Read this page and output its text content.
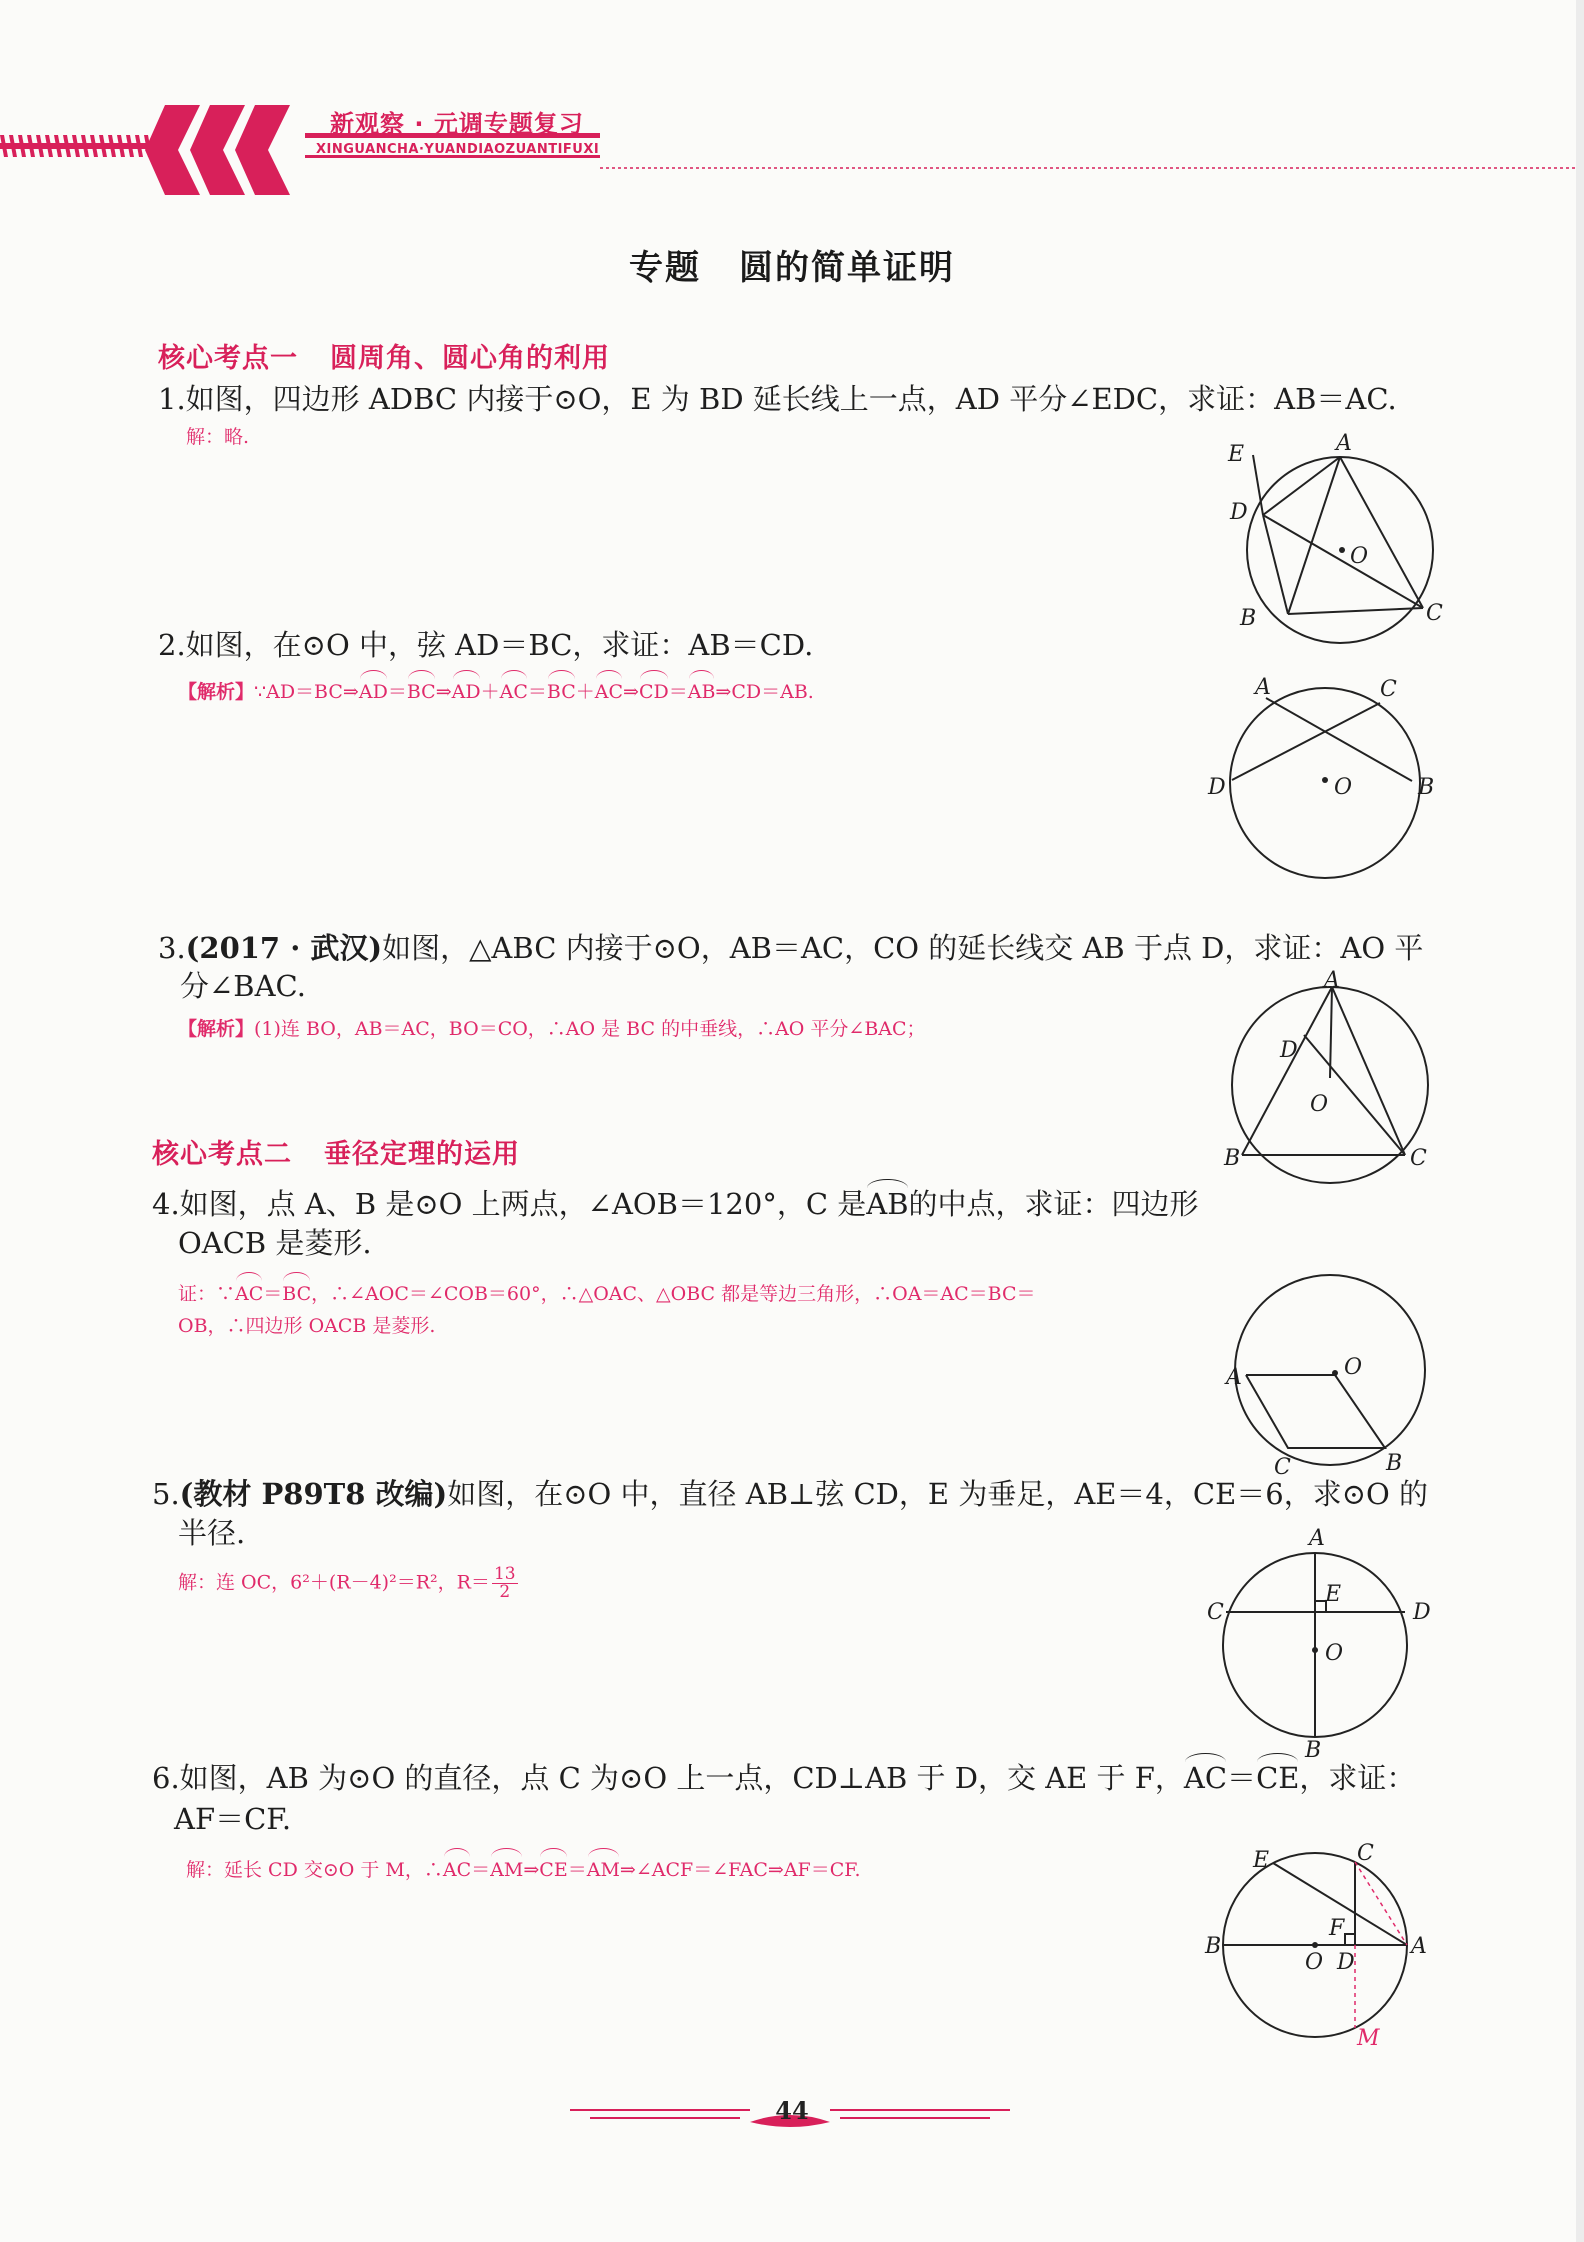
新观察 · 元调专题复习
XINGUANCHA·YUANDIAOZUANTIFUXI
专题 圆的简单证明
核心考点一 圆周角、圆心角的利用
1.如图，四边形 ADBC 内接于⊙O，E 为 BD 延长线上一点，AD 平分∠EDC，求证：AB＝AC.
解：略.
E	A
D
O
B	C
2.如图，在⊙O 中，弦 AD＝BC，求证：AB＝CD.
【解析】∵AD＝BC⇒AD＝BC⇒AD＋AC＝BC＋AC⇒CD＝AB⇒CD＝AB.	A	C
D	O	B
3.(2017 · 武汉)如图，△ABC 内接于⊙O，AB＝AC，CO 的延长线交 AB 于点 D，求证：AO 平
分∠BAC.
【解析】(1)连 BO，AB＝AC，BO＝CO，∴AO 是 BC 的中垂线，∴AO 平分∠BAC；
A
D
O
B	C
核心考点二 垂径定理的运用
4.如图，点 A、B 是⊙O 上两点，∠AOB＝120°，C 是AB的中点，求证：四边形
OACB 是菱形.
证：∵AC＝BC，∴∠AOC＝∠COB＝60°，∴△OAC、△OBC 都是等边三角形，∴OA＝AC＝BC＝
OB，∴四边形 OACB 是菱形.
A	O
C	B
5.(教材 P89T8 改编)如图，在⊙O 中，直径 AB⊥弦 CD，E 为垂足，AE＝4，CE＝6，求⊙O 的
半径.
解：连 OC，6²＋(R－4)²＝R²，$R= \frac{13}{2}$
A
C
E
D
O
B
6.如图，AB 为⊙O 的直径，点 C 为⊙O 上一点，CD⊥AB 于 D，交 AE 于 F，AC＝CE，求证：
AF＝CF.
解：延长 CD 交⊙O 于 M，∴AC＝AM⇒CE＝AM⇒∠ACF＝∠FAC⇒AF＝CF.	E	C
B
F
O D
A
M
44
